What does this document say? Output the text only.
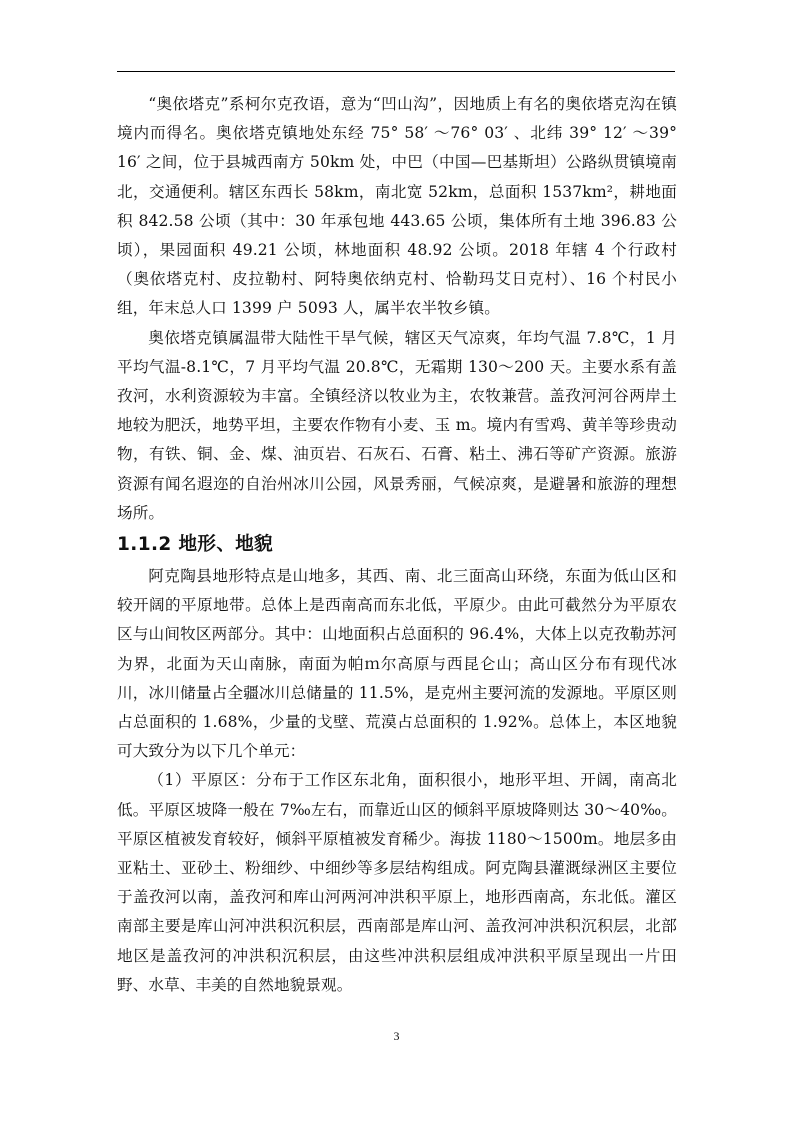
“奥依塔克”系柯尔克孜语，意为“凹山沟”，因地质上有名的奥依塔克沟在镇境内而得名。奥依塔克镇地处东经 75° 58′ ～76° 03′ 、北纬 39° 12′ ～39° 16′ 之间，位于县城西南方 50km 处，中巴（中国—巴基斯坦）公路纵贯镇境南北，交通便利。辖区东西长 58km，南北宽 52km，总面积 1537km²，耕地面积 842.58 公顷（其中：30 年承包地 443.65 公顷，集体所有土地 396.83 公顷），果园面积 49.21 公顷，林地面积 48.92 公顷。2018 年辖 4 个行政村（奥依塔克村、皮拉勒村、阿特奥依纳克村、恰勒玛艾日克村）、16 个村民小组，年末总人口 1399 户 5093 人，属半农半牧乡镇。

奥依塔克镇属温带大陆性干旱气候，辖区天气凉爽，年均气温 7.8℃，1 月平均气温-8.1℃，7 月平均气温 20.8℃，无霜期 130～200 天。主要水系有盖孜河，水利资源较为丰富。全镇经济以牧业为主，农牧兼营。盖孜河河谷两岸土地较为肥沃，地势平坦，主要农作物有小麦、玉 m。境内有雪鸡、黄羊等珍贵动物，有铁、铜、金、煤、油页岩、石灰石、石膏、粘土、沸石等矿产资源。旅游资源有闻名遐迩的自治州冰川公园，风景秀丽，气候凉爽，是避暑和旅游的理想场所。

1.1.2 地形、地貌

阿克陶县地形特点是山地多，其西、南、北三面高山环绕，东面为低山区和较开阔的平原地带。总体上是西南高而东北低，平原少。由此可截然分为平原农区与山间牧区两部分。其中：山地面积占总面积的 96.4%，大体上以克孜勒苏河为界，北面为天山南脉，南面为帕ｍ尔高原与西昆仑山；高山区分布有现代冰川，冰川储量占全疆冰川总储量的 11.5%，是克州主要河流的发源地。平原区则占总面积的 1.68%，少量的戈壁、荒漠占总面积的 1.92%。总体上，本区地貌可大致分为以下几个单元：

（1）平原区：分布于工作区东北角，面积很小，地形平坦、开阔，南高北低。平原区坡降一般在 7‰左右，而靠近山区的倾斜平原坡降则达 30～40‰。平原区植被发育较好，倾斜平原植被发育稀少。海拔 1180～1500m。地层多由亚粘土、亚砂土、粉细纱、中细纱等多层结构组成。阿克陶县灌溉绿洲区主要位于盖孜河以南，盖孜河和库山河两河冲洪积平原上，地形西南高，东北低。灌区南部主要是库山河冲洪积沉积层，西南部是库山河、盖孜河冲洪积沉积层，北部地区是盖孜河的冲洪积沉积层，由这些冲洪积层组成冲洪积平原呈现出一片田野、水草、丰美的自然地貌景观。

3
